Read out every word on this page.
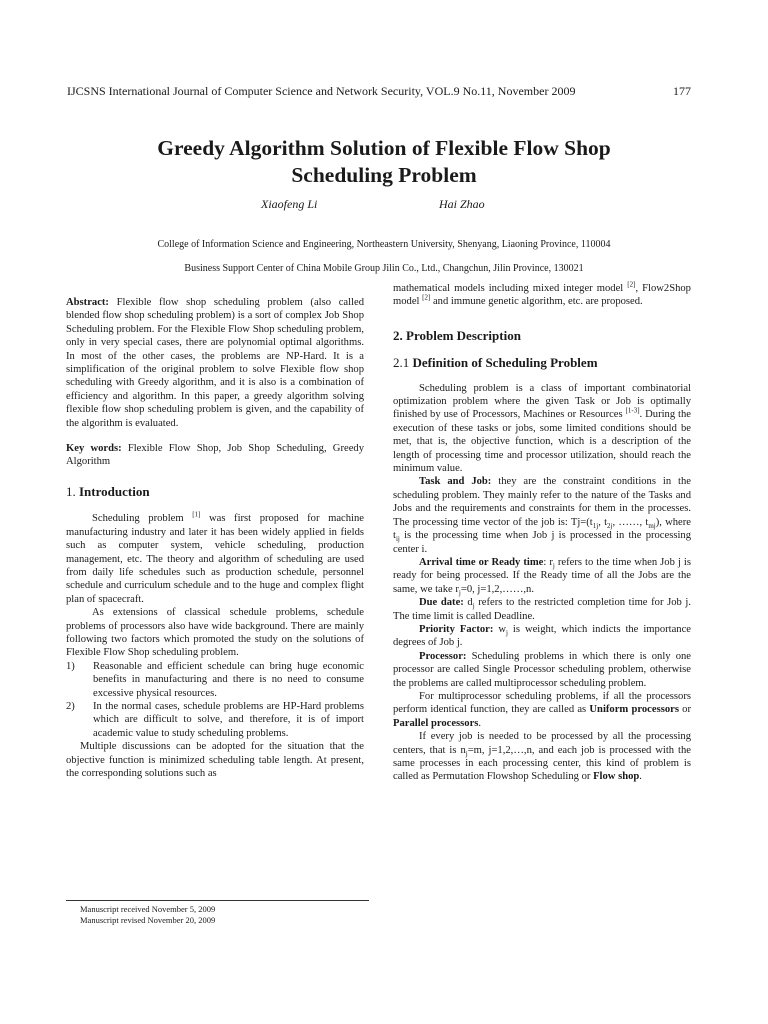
IJCSNS International Journal of Computer Science and Network Security, VOL.9 No.11, November 2009	177
Greedy Algorithm Solution of Flexible Flow Shop
Scheduling Problem
Xiaofeng Li	Hai Zhao
College of Information Science and Engineering, Northeastern University, Shenyang, Liaoning Province, 110004
Business Support Center of China Mobile Group Jilin Co., Ltd., Changchun, Jilin Province, 130021

Abstract: Flexible flow shop scheduling problem (also called blended flow shop scheduling problem) is a sort of complex Job Shop Scheduling problem. For the Flexible Flow Shop scheduling problem, only in very special cases, there are polynomial optimal algorithms. In most of the other cases, the problems are NP-Hard. It is a simplification of the original problem to solve Flexible flow shop scheduling with Greedy algorithm, and it is also is a combination of efficiency and algorithm. In this paper, a greedy algorithm solving flexible flow shop scheduling problem is given, and the capability of the algorithm is evaluated.

Key words: Flexible Flow Shop, Job Shop Scheduling, Greedy Algorithm

1. Introduction

Scheduling problem [1] was first proposed for machine manufacturing industry and later it has been widely applied in fields such as computer system, vehicle scheduling, production management, etc. The theory and algorithm of scheduling are used from daily life schedules such as production schedule, personnel schedule and curriculum schedule and to the huge and complex flight plan of spacecraft.

As extensions of classical schedule problems, schedule problems of processors also have wide background. There are mainly following two factors which promoted the study on the solutions of Flexible Flow Shop scheduling problem.

1)	Reasonable and efficient schedule can bring huge economic benefits in manufacturing and there is no need to consume excessive physical resources.
2)	In the normal cases, schedule problems are HP-Hard problems which are difficult to solve, and therefore, it is of import academic value to study scheduling problems.

Multiple discussions can be adopted for the situation that the objective function is minimized scheduling table length. At present, the corresponding solutions such as

mathematical models including mixed integer model [2], Flow2Shop model [2] and immune genetic algorithm, etc. are proposed.

2. Problem Description
2.1 Definition of Scheduling Problem

Scheduling problem is a class of important combinatorial optimization problem where the given Task or Job is optimally finished by use of Processors, Machines or Resources [1-3]. During the execution of these tasks or jobs, some limited conditions should be met, that is, the objective function, which is a description of the length of processing time and processor utilization, should reach the minimum value.

Task and Job: they are the constraint conditions in the scheduling problem. They mainly refer to the nature of the Tasks and Jobs and the requirements and constraints for them in the processes. The processing time vector of the job is: $Tj=(t_{1j}$, $t_{2j}$, ……, $t_{mj}$), where $t_{ij}$ is the processing time when Job j is processed in the processing center i.

Arrival time or Ready time: $r_j$ refers to the time when Job j is ready for being processed. If the Ready time of all the Jobs are the same, we take $r_j=0$, j=1,2,……,n.

Due date: $d_j$ refers to the restricted completion time for Job j. The time limit is called Deadline.

Priority Factor: $w_j$ is weight, which indicts the importance degrees of Job j.

Processor: Scheduling problems in which there is only one processor are called Single Processor scheduling problem, otherwise the problems are called multiprocessor scheduling problem.

For multiprocessor scheduling problems, if all the processors perform identical function, they are called as Uniform processors or Parallel processors.

If every job is needed to be processed by all the processing centers, that is $n_j=m$, j=1,2,…,n, and each job is processed with the same processes in each processing center, this kind of problem is called as Permutation Flowshop Scheduling or Flow shop.

Manuscript received November 5, 2009
Manuscript revised November 20, 2009
